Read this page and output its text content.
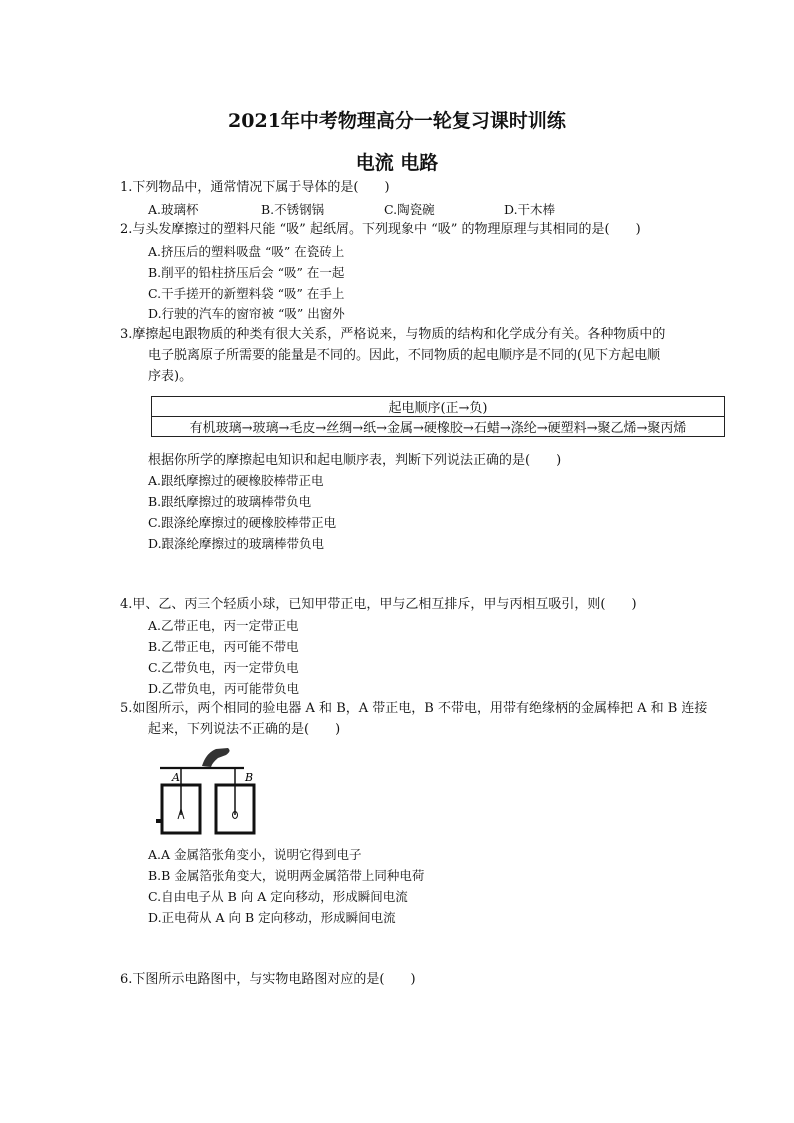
2021年中考物理高分一轮复习课时训练
电流 电路
1.下列物品中，通常情况下属于导体的是(　　)
A.玻璃杯	B.不锈钢锅	C.陶瓷碗	D.干木棒
2.与头发摩擦过的塑料尺能 “吸” 起纸屑。下列现象中 “吸” 的物理原理与其相同的是(　　)
A.挤压后的塑料吸盘 “吸” 在瓷砖上
B.削平的铅柱挤压后会 “吸” 在一起
C.干手搓开的新塑料袋 “吸” 在手上
D.行驶的汽车的窗帘被 “吸” 出窗外
3.摩擦起电跟物质的种类有很大关系，严格说来，与物质的结构和化学成分有关。各种物质中的
电子脱离原子所需要的能量是不同的。因此，不同物质的起电顺序是不同的(见下方起电顺
序表)。
起电顺序(正→负)
有机玻璃→玻璃→毛皮→丝绸→纸→金属→硬橡胶→石蜡→涤纶→硬塑料→聚乙烯→聚丙烯
根据你所学的摩擦起电知识和起电顺序表，判断下列说法正确的是(　　)
A.跟纸摩擦过的硬橡胶棒带正电
B.跟纸摩擦过的玻璃棒带负电
C.跟涤纶摩擦过的硬橡胶棒带正电
D.跟涤纶摩擦过的玻璃棒带负电
4.甲、乙、丙三个轻质小球，已知甲带正电，甲与乙相互排斥，甲与丙相互吸引，则(　　)
A.乙带正电，丙一定带正电
B.乙带正电，丙可能不带电
C.乙带负电，丙一定带负电
D.乙带负电，丙可能带负电
5.如图所示，两个相同的验电器 A 和 B，A 带正电，B 不带电，用带有绝缘柄的金属棒把 A 和 B 连接
起来，下列说法不正确的是(　　)
A	B
A.A 金属箔张角变小，说明它得到电子
B.B 金属箔张角变大，说明两金属箔带上同种电荷
C.自由电子从 B 向 A 定向移动，形成瞬间电流
D.正电荷从 A 向 B 定向移动，形成瞬间电流
6.下图所示电路图中，与实物电路图对应的是(　　)
